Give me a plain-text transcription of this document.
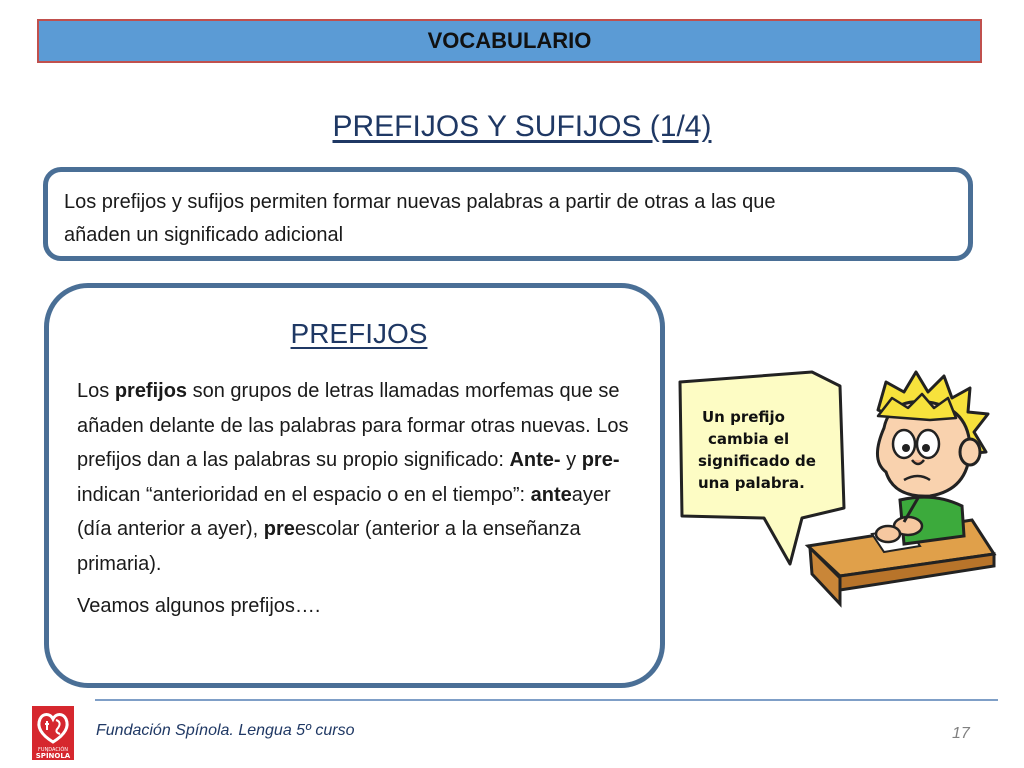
VOCABULARIO
PREFIJOS Y SUFIJOS (1/4)
Los prefijos y sufijos permiten formar nuevas palabras a partir de otras a las que
añaden un significado adicional
PREFIJOS

Los prefijos son grupos de letras llamadas morfemas que se añaden delante de las palabras para formar otras nuevas. Los prefijos dan a las palabras su propio significado: Ante- y pre- indican “anterioridad en el espacio o en el tiempo”: anteayer (día anterior a ayer), preescolar (anterior a la enseñanza primaria).

Veamos algunos prefijos….

Un prefijo
cambia el
significado de
una palabra.
FUNDACIÓN
SPÍNOLA
Fundación Spínola. Lengua 5º curso	17
